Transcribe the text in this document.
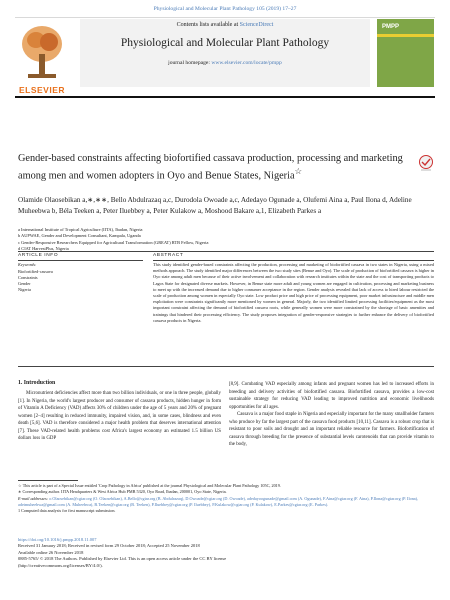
Physiological and Molecular Plant Pathology 105 (2019) 17–27
ELSEVIER
Contents lists available at ScienceDirect
Physiological and Molecular Plant Pathology
journal homepage: www.elsevier.com/locate/pmpp
PMPP
Gender-based constraints affecting biofortified cassava production, processing and marketing among men and women adopters in Oyo and Benue States, Nigeria☆
Olamide Olaosebikan a,∗,∗∗, Bello Abdulrazaq a,c, Durodola Owoade a,c, Adedayo Ogunade a, Olufemi Aina a, Paul Ilona d, Adeline Muheebwa b, Béla Teeken a, Peter Iluebbey a, Peter Kulakow a, Moshood Bakare a,1, Elizabeth Parkes a
a International Institute of Tropical Agriculture (IITA), Ibadan, Nigeria
b AUPWAE, Gender and Development Consultant, Kampala, Uganda
c Gender-Responsive Researchers Equipped for Agricultural Transformation (GREAT) RTB Fellow, Nigeria
d CIAT HarvestPlus, Nigeria
ARTICLE INFO	ABSTRACT
Keywords:
Biofortified-cassava
Constraints
Gender
Nigeria
This study identified gender-based constraints affecting the production, processing and marketing of biofortified cassava in two states in Nigeria, using a mixed methods approach. The study identified major differences between the two study sites (Benue and Oyo). The scale of production of biofortified cassava is higher in Oyo state among adult men because of their active involvement and collaboration with research institutes within the state and the cost of transporting products to Lagos State for designated diverse markets. However, in Benue state more adult and young women are engaged in cultivation, processing and marketing business to meet up with the increased demand due to higher consumer acceptance in the region. Gender analysis revealed that lack of access to hired labour restricted the scale of production among women in especially Oyo state. Low product price and high price of processing equipment, poor market infrastructure and middle men exploitation were constraints significantly more mentioned by women in general. Majorly, the two identified limited processing facilities/equipment as the most important constraint affecting the demand of biofortified cassava roots, while generally women were more constrained by the shortage of basic amenities and trainings that hindered their processing efficiency. The study proposes integration of gender-responsive strategies to further enhance the delivery of biofortified cassava products in Nigeria.
1. Introduction
Micronutrient deficiencies affect more than two billion individuals, or one in three people, globally [1]. In Nigeria, the world's largest producer and consumer of cassava products, hidden hunger in form of Vitamin A Deficiency (VAD) affects 30% of children under the age of 5 years and 20% of pregnant women [2–4] resulting in reduced immunity, impaired vision, and, in some cases, blindness and even death [5,6]. VAD is therefore considered a major health problem that deserves international attention [7]. These VAD-related health problems cost Africa's largest economy an estimated 1.5 billion US dollars loss in GDP
[8,9]. Combating VAD especially among infants and pregnant women has led to increased efforts in breeding and delivery activities of biofortified cassava. Biofortified cassava, provides a low-cost sustainable strategy for reducing VAD leading to improved nutrition and economic livelihoods opportunities for all ages.
Cassava is a major food staple in Nigeria and especially important for the many smallholder farmers who produce by far the largest part of the cassava food products [10,11]. Cassava is a robust crop that is resistant to poor soils and drought and an important reliable resource for farmers. Biofortification of cassava through breeding for the presence of substantial levels carotenoids that can provide vitamin to the body,
☆ This article is part of a Special Issue entitled 'Crop Pathology in Africa' published at the journal Physiological and Molecular Plant Pathology 105C, 2019.
∗ Corresponding author. IITA Headquarters & West Africa Hub PMB 5320, Oyo Road, Ibadan, 200001, Oyo State, Nigeria.
E-mail addresses: o.Olaosebikan@cgiar.org (O. Olaosebikan), A.Bello@cgiar.org (B. Abdulrazaq), D.Owoade@cgiar.org (D. Owoade), adedayoogunade@gmail.com (A. Ogunade), F.Aina@cgiar.org (F. Aina), P.Ilona@cgiar.org (P. Ilona), adeimuheebwa@gmail.com (A. Muheebwa), B.Teeken@cgiar.org (B. Teeken), P.Iluebbey@cgiar.org (P. Iluebbey), P.Kulakow@cgiar.org (P. Kulakow), E.Parkes@cgiar.org (E. Parkes).
1 Computed data analysis for first manuscript submission.
https://doi.org/10.1016/j.pmpp.2018.11.007
Received 31 January 2018; Received in revised form 29 October 2018; Accepted 25 November 2018
Available online 26 November 2018
0885-5765/ © 2018 The Authors. Published by Elsevier Ltd. This is an open access article under the CC BY license
(http://creativecommons.org/licenses/BY/4.0/).
